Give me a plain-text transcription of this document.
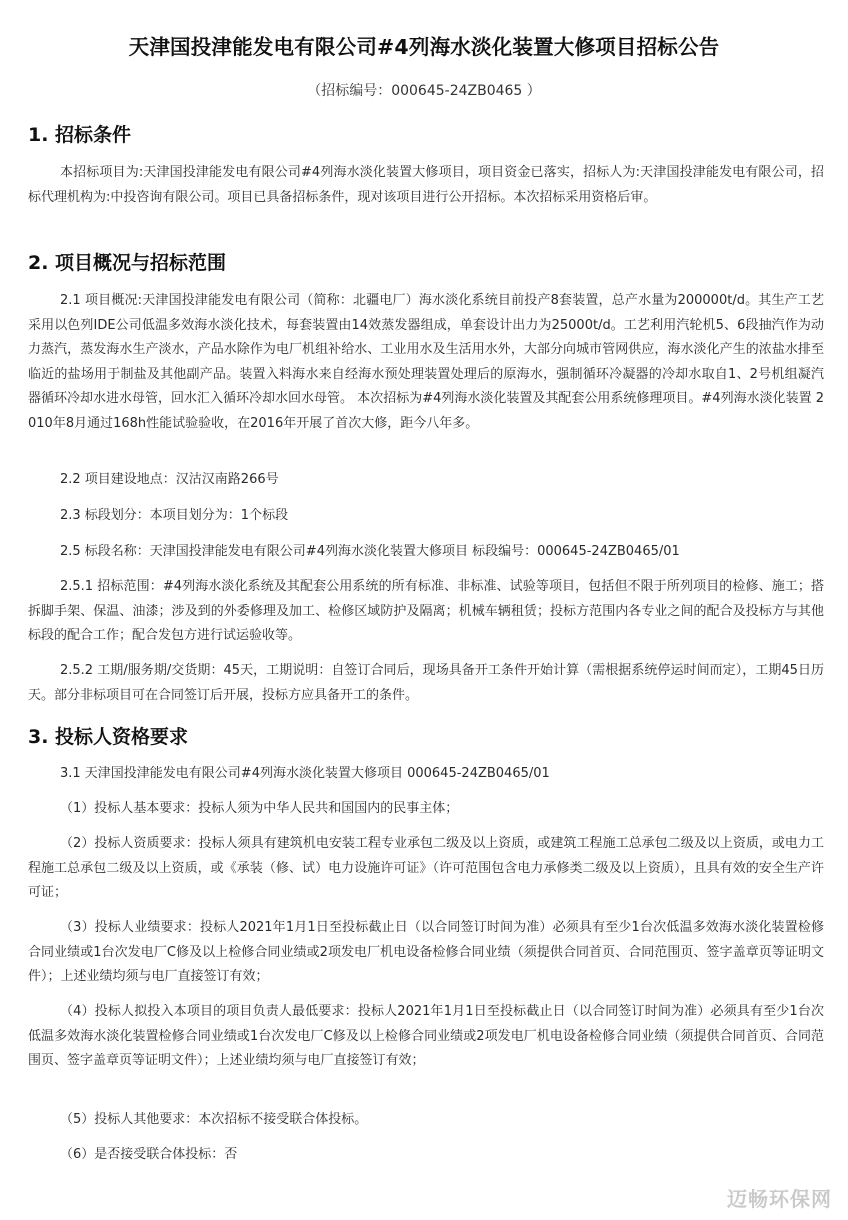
天津国投津能发电有限公司#4列海水淡化装置大修项目招标公告
（招标编号：000645-24ZB0465 ）
1. 招标条件
本招标项目为:天津国投津能发电有限公司#4列海水淡化装置大修项目，项目资金已落实，招标人为:天津国投津能发电有限公司，招标代理机构为:中投咨询有限公司。项目已具备招标条件，现对该项目进行公开招标。本次招标采用资格后审。
2. 项目概况与招标范围
2.1 项目概况:天津国投津能发电有限公司（简称：北疆电厂）海水淡化系统目前投产8套装置，总产水量为200000t/d。其生产工艺采用以色列IDE公司低温多效海水淡化技术，每套装置由14效蒸发器组成，单套设计出力为25000t/d。工艺利用汽轮机5、6段抽汽作为动力蒸汽，蒸发海水生产淡水，产品水除作为电厂机组补给水、工业用水及生活用水外，大部分向城市管网供应，海水淡化产生的浓盐水排至临近的盐场用于制盐及其他副产品。装置入料海水来自经海水预处理装置处理后的原海水，强制循环冷凝器的冷却水取自1、2号机组凝汽器循环冷却水进水母管，回水汇入循环冷却水回水母管。 本次招标为#4列海水淡化装置及其配套公用系统修理项目。#4列海水淡化装置 2010年8月通过168h性能试验验收，在2016年开展了首次大修，距今八年多。
2.2 项目建设地点：汉沽汉南路266号
2.3 标段划分：本项目划分为：1个标段
2.5 标段名称：天津国投津能发电有限公司#4列海水淡化装置大修项目 标段编号：000645-24ZB0465/01
2.5.1 招标范围：#4列海水淡化系统及其配套公用系统的所有标准、非标准、试验等项目，包括但不限于所列项目的检修、施工；搭拆脚手架、保温、油漆；涉及到的外委修理及加工、检修区域防护及隔离；机械车辆租赁；投标方范围内各专业之间的配合及投标方与其他标段的配合工作；配合发包方进行试运验收等。
2.5.2 工期/服务期/交货期：45天，工期说明：自签订合同后，现场具备开工条件开始计算（需根据系统停运时间而定），工期45日历天。部分非标项目可在合同签订后开展，投标方应具备开工的条件。
3. 投标人资格要求
3.1 天津国投津能发电有限公司#4列海水淡化装置大修项目 000645-24ZB0465/01
（1）投标人基本要求：投标人须为中华人民共和国国内的民事主体；
（2）投标人资质要求：投标人须具有建筑机电安装工程专业承包二级及以上资质，或建筑工程施工总承包二级及以上资质，或电力工程施工总承包二级及以上资质，或《承装（修、试）电力设施许可证》（许可范围包含电力承修类二级及以上资质），且具有效的安全生产许可证；
（3）投标人业绩要求：投标人2021年1月1日至投标截止日（以合同签订时间为准）必须具有至少1台次低温多效海水淡化装置检修合同业绩或1台次发电厂C修及以上检修合同业绩或2项发电厂机电设备检修合同业绩（须提供合同首页、合同范围页、签字盖章页等证明文件）；上述业绩均须与电厂直接签订有效；
（4）投标人拟投入本项目的项目负责人最低要求：投标人2021年1月1日至投标截止日（以合同签订时间为准）必须具有至少1台次低温多效海水淡化装置检修合同业绩或1台次发电厂C修及以上检修合同业绩或2项发电厂机电设备检修合同业绩（须提供合同首页、合同范围页、签字盖章页等证明文件）；上述业绩均须与电厂直接签订有效；
（5）投标人其他要求：本次招标不接受联合体投标。
（6）是否接受联合体投标：否
迈畅环保网
